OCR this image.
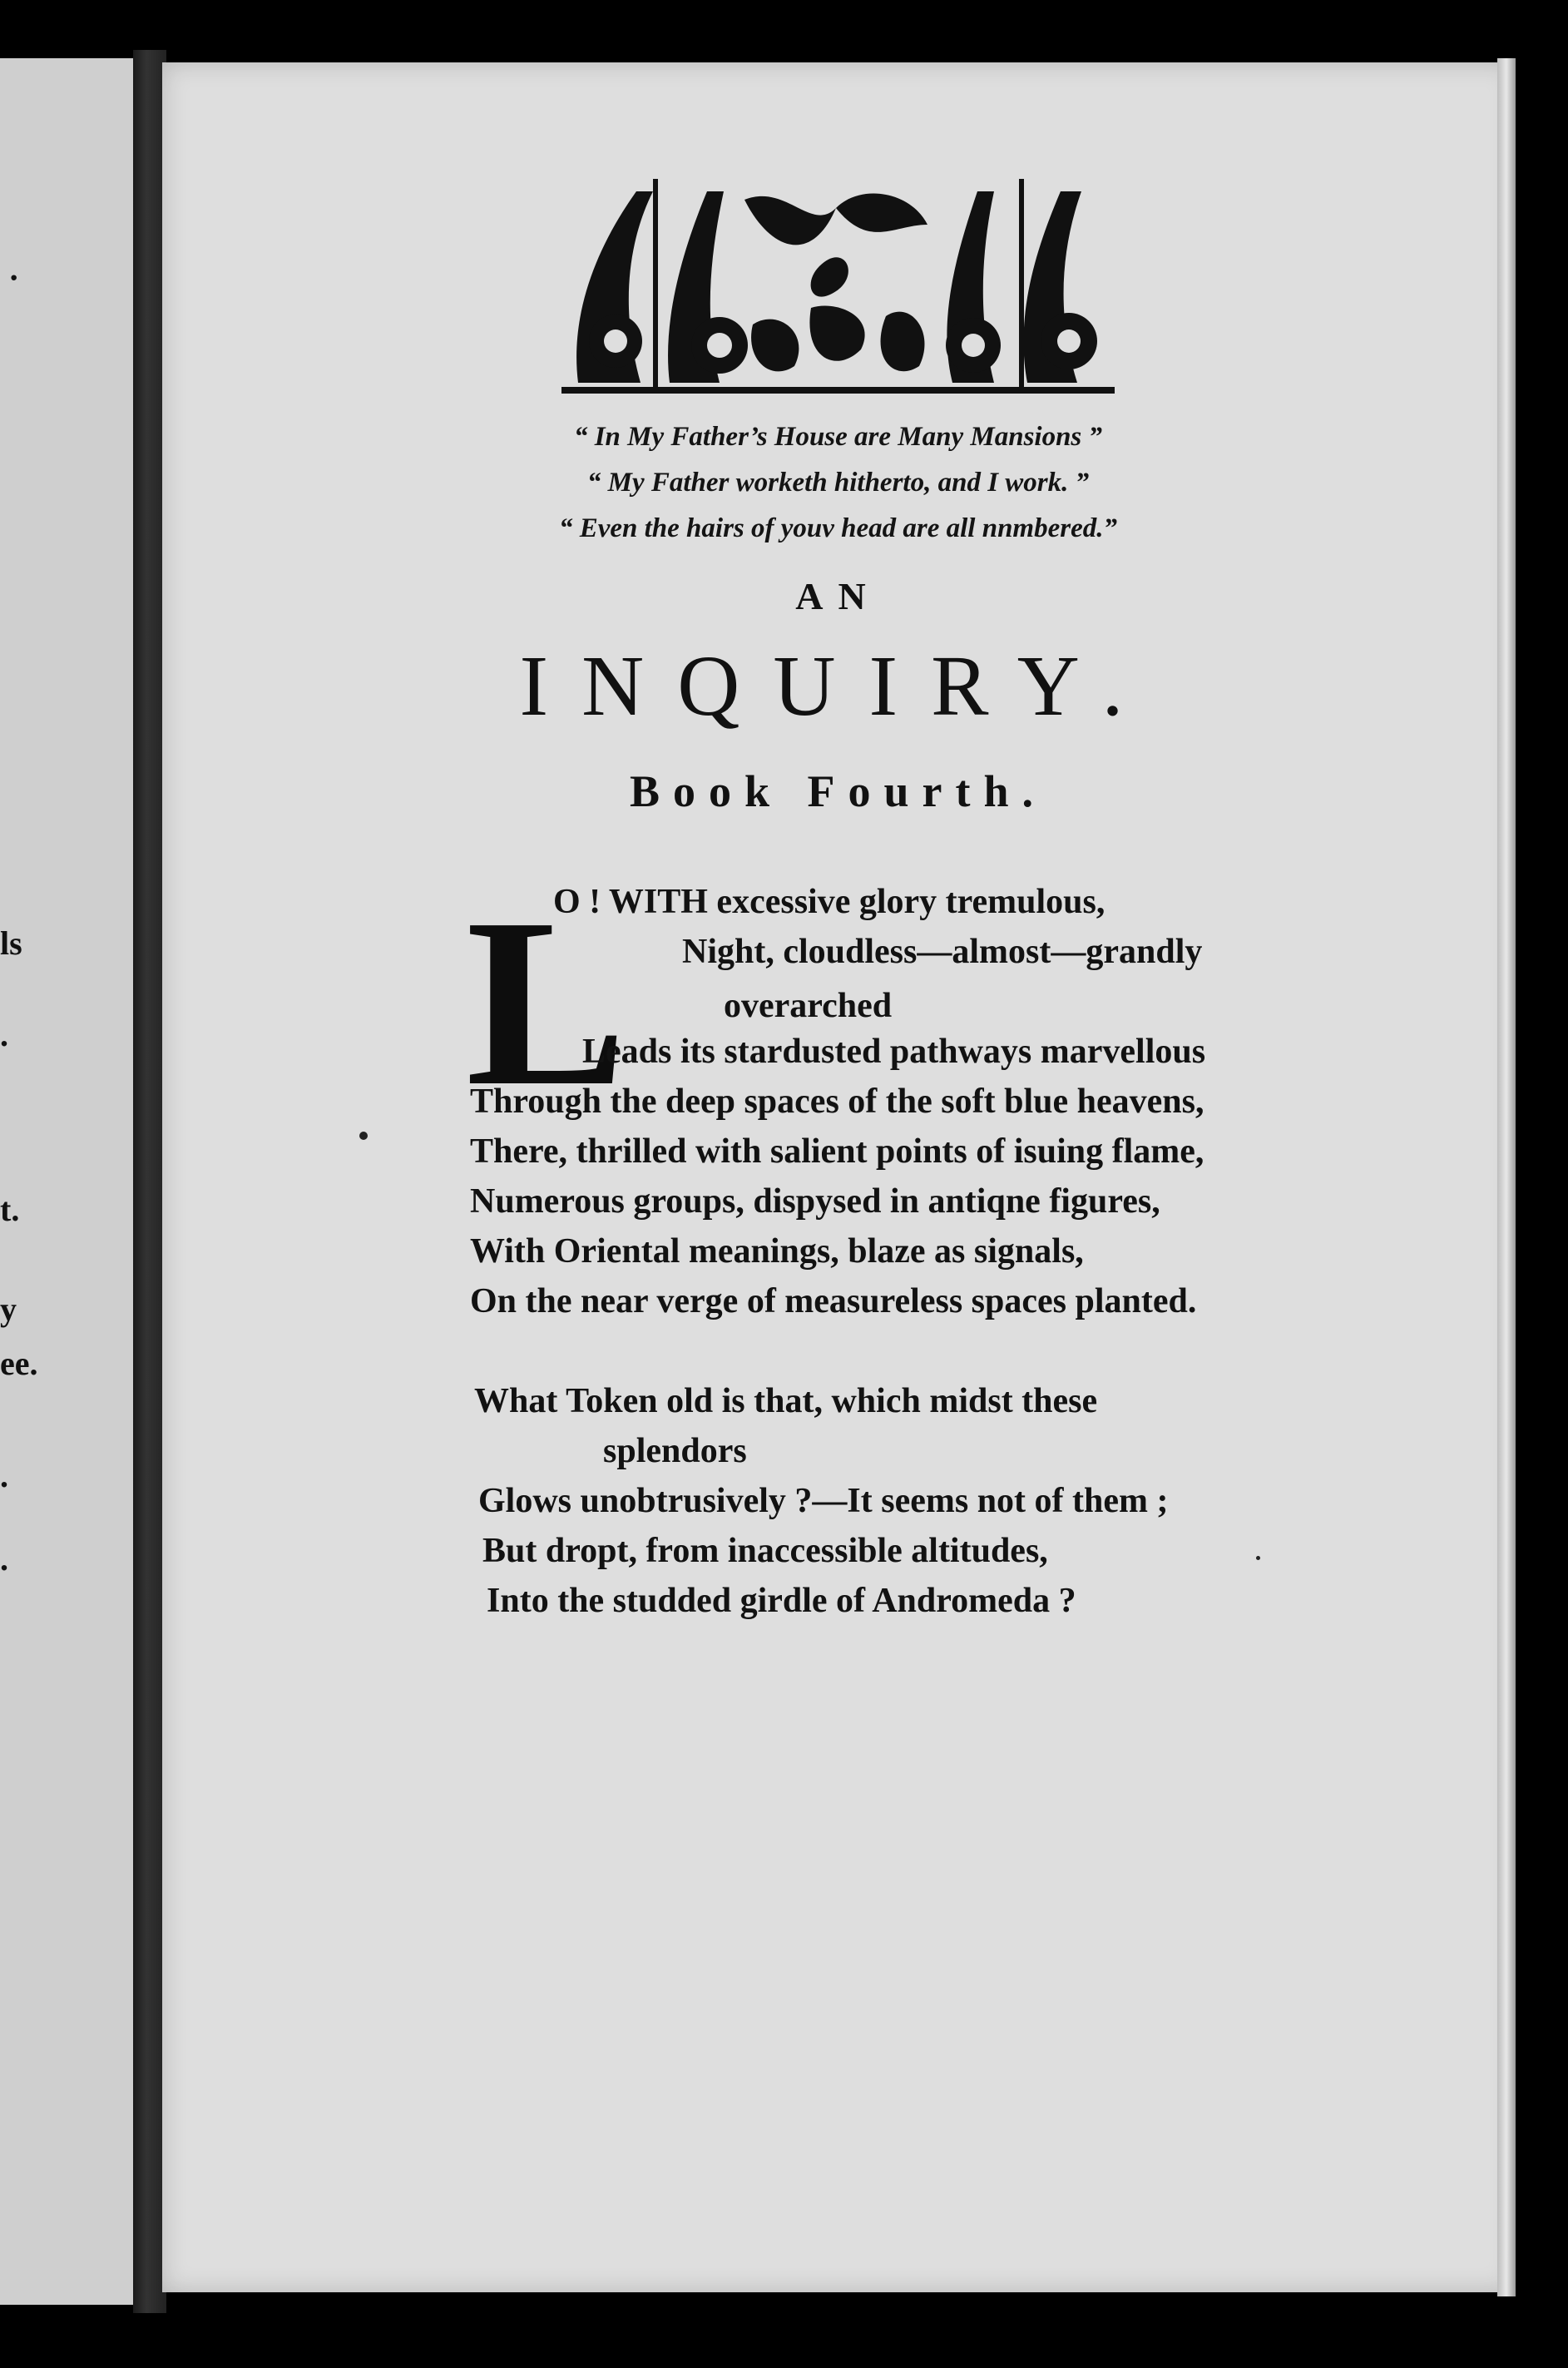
·
ls
.
t.
y
ee.
.
.
“ In My Father’s House are Many Mansions ”
“ My Father worketh hitherto, and I work. ”
“ Even the hairs of youv head are all nnmbered.”
AN
INQUIRY.
Book Fourth.
L
O ! WITH excessive glory tremulous,
Night, cloudless—almost—grandly
overarched
Leads its stardusted pathways marvellous
Through the deep spaces of the soft blue heavens,
There, thrilled with salient points of isuing flame,
Numerous groups, dispysed in antiqne figures,
With Oriental meanings, blaze as signals,
On the near verge of measureless spaces planted.
What Token old is that, which midst these
splendors
Glows unobtrusively ?—It seems not of them ;
But dropt, from inaccessible altitudes,
Into the studded girdle of Andromeda ?
